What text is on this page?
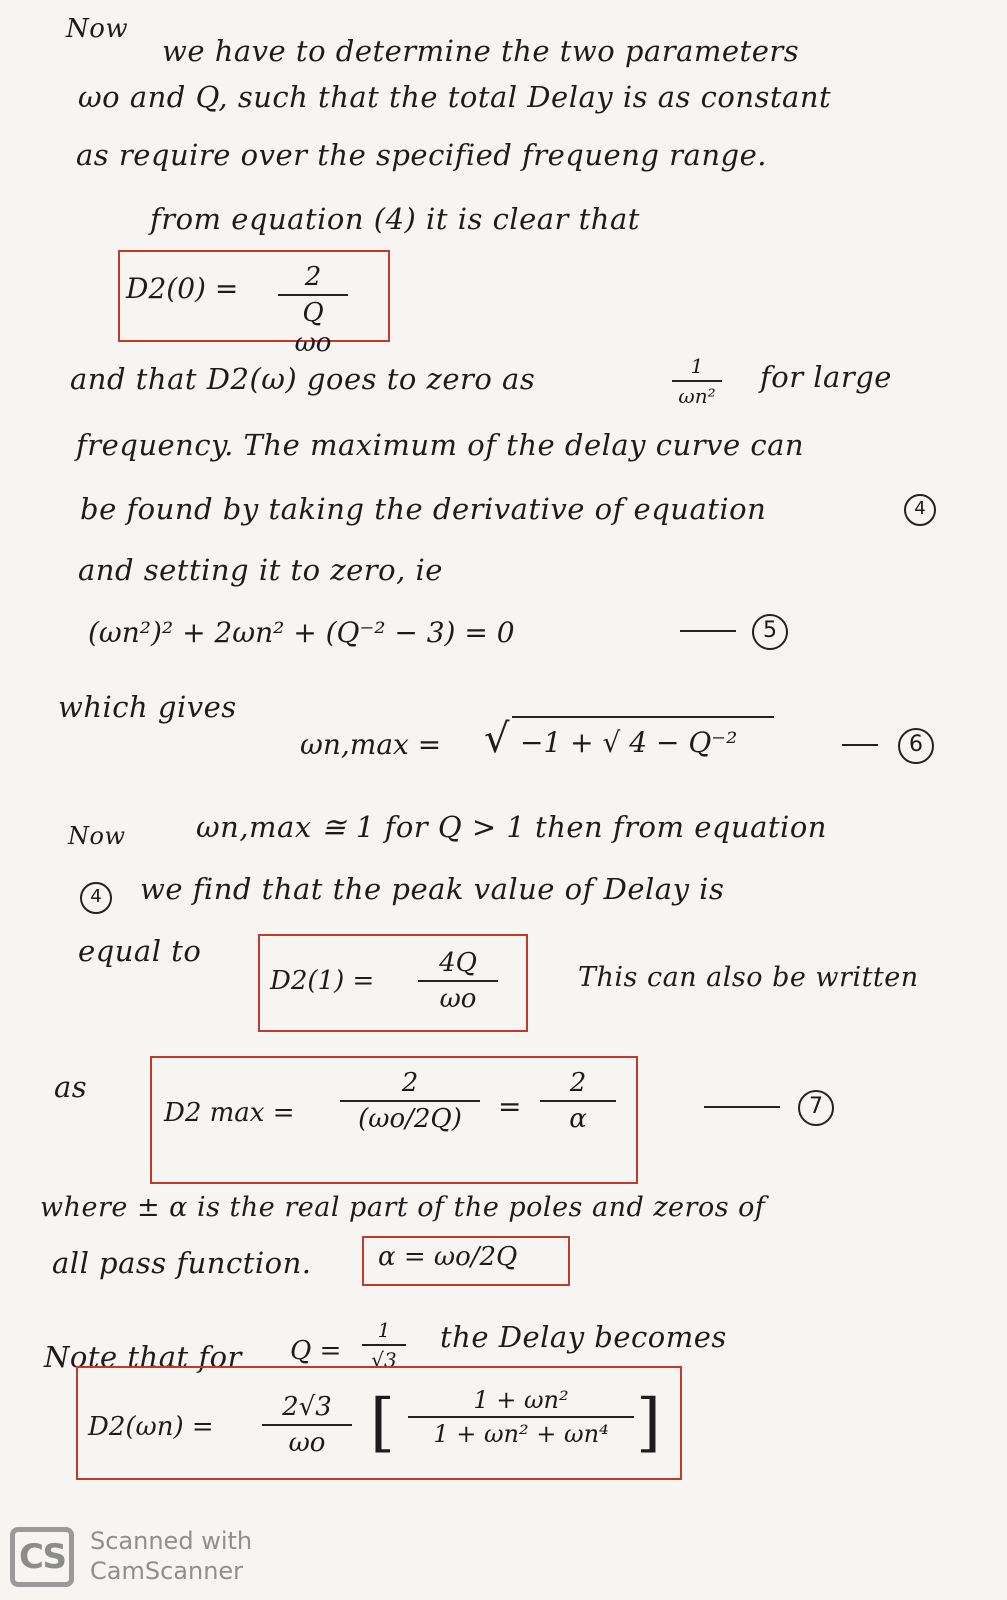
Now
we have to determine the two parameters
ωo and Q, such that the total Delay is as constant
as require over the specified frequeng range.
from equation (4) it is clear that
D2(0) =	2
Q ωo
and that D2(ω) goes to zero as	1
ωn²
for large
frequency. The maximum of the delay curve can
be found by taking the derivative of equation	4
and setting it to zero, ie
(ωn²)² + 2ωn² + (Q⁻² − 3) = 0	5
which gives
ωn,max = √ −1 + √ 4 − Q⁻²	6
Now ωn,max ≅ 1 for Q > 1 then from equation
4	we find that the peak value of Delay is
equal to
D2(1) =
4Q
ωo
This can also be written
as
D2 max =
2
(ωo/2Q)	=
2
α	7
where ± α is the real part of the poles and zeros of
all pass function.	α = ωo/2Q
Note that for Q =
1
√3
the Delay becomes
D2(ωn) =
2√3
ωo [	1 + ωn²
1 + ωn² + ωn⁴ ]
CS	Scanned with
CamScanner
